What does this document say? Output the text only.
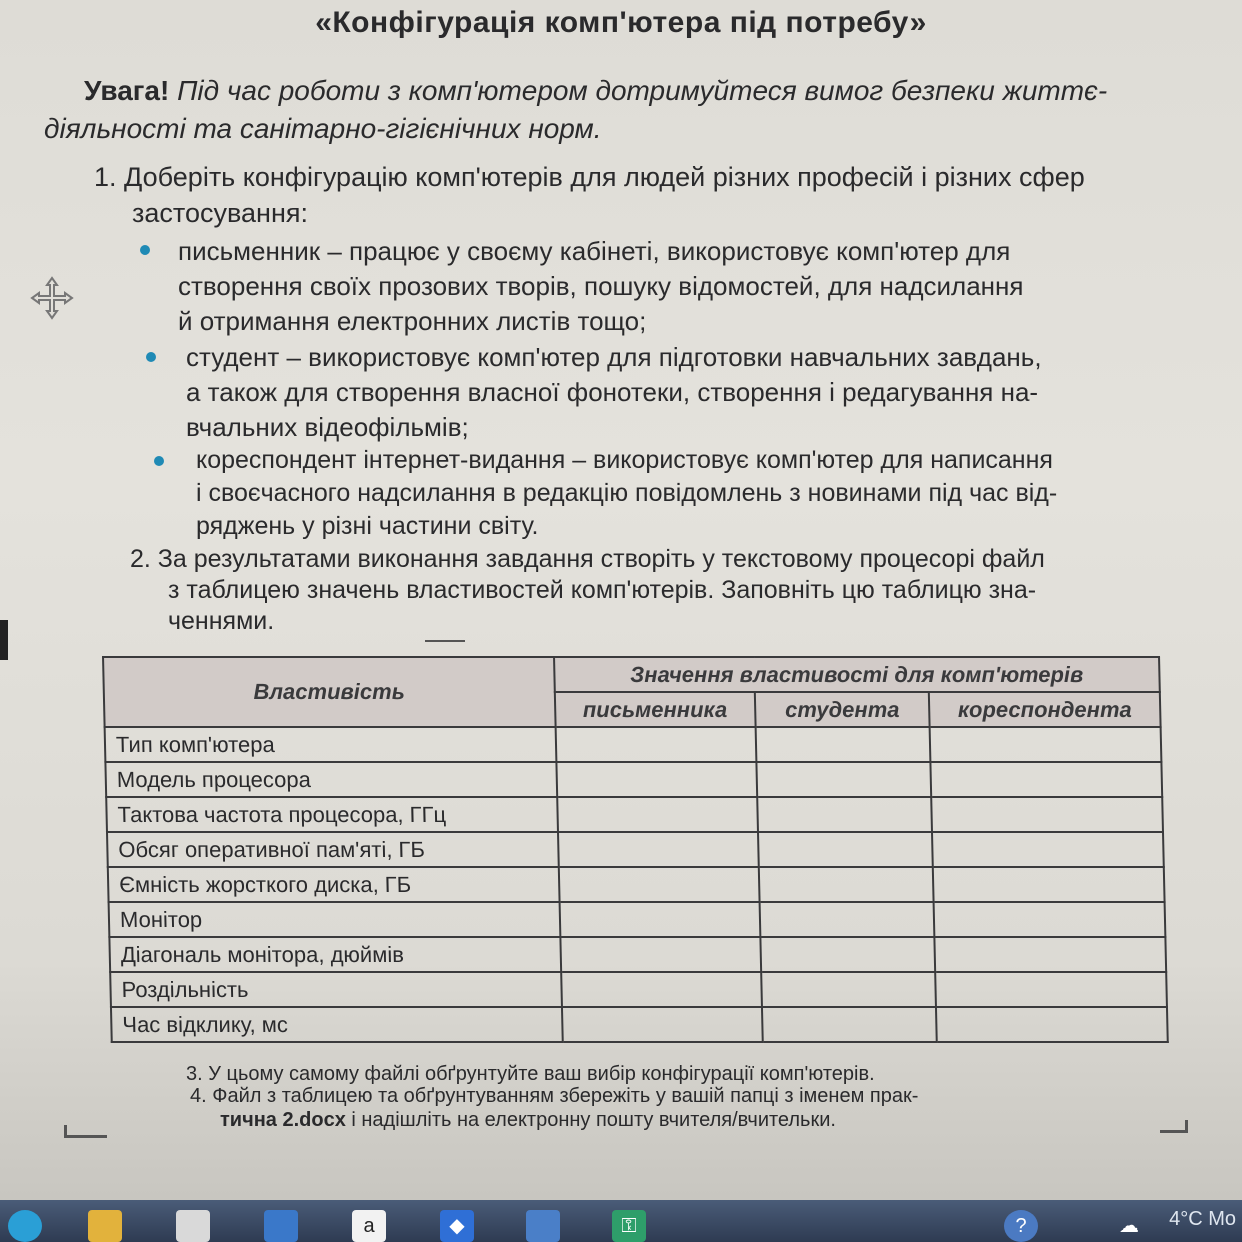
«Конфігурація комп'ютера під потребу»
Увага! Під час роботи з комп'ютером дотримуйтеся вимог безпеки життє-
діяльності та санітарно-гігієнічних норм.
1. Доберіть конфігурацію комп'ютерів для людей різних професій і різних сфер
застосування:
письменник – працює у своєму кабінеті, використовує комп'ютер для
створення своїх прозових творів, пошуку відомостей, для надсилання
й отримання електронних листів тощо;
студент – використовує комп'ютер для підготовки навчальних завдань,
а також для створення власної фонотеки, створення і редагування на-
вчальних відеофільмів;
кореспондент інтернет-видання – використовує комп'ютер для написання
і своєчасного надсилання в редакцію повідомлень з новинами під час від-
ряджень у різні частини світу.
2. За результатами виконання завдання створіть у текстовому процесорі файл
з таблицею значень властивостей комп'ютерів. Заповніть цю таблицю зна-
ченнями.
Властивість	Значення властивості для комп'ютерів		
	письменника	студента	кореспондента
Тип комп'ютера			
Модель процесора			
Тактова частота процесора, ГГц			
Обсяг оперативної пам'яті, ГБ			
Ємність жорсткого диска, ГБ			
Монітор			
Діагональ монітора, дюймів			
Роздільність			
Час відклику, мс			
3. У цьому самому файлі обґрунтуйте ваш вибір конфігурації комп'ютерів.
4. Файл з таблицею та обґрунтуванням збережіть у вашій папці з іменем прак-
тична 2.docx і надішліть на електронну пошту вчителя/вчительки.
a	◆	⚿	?	☁	4°C Mo
